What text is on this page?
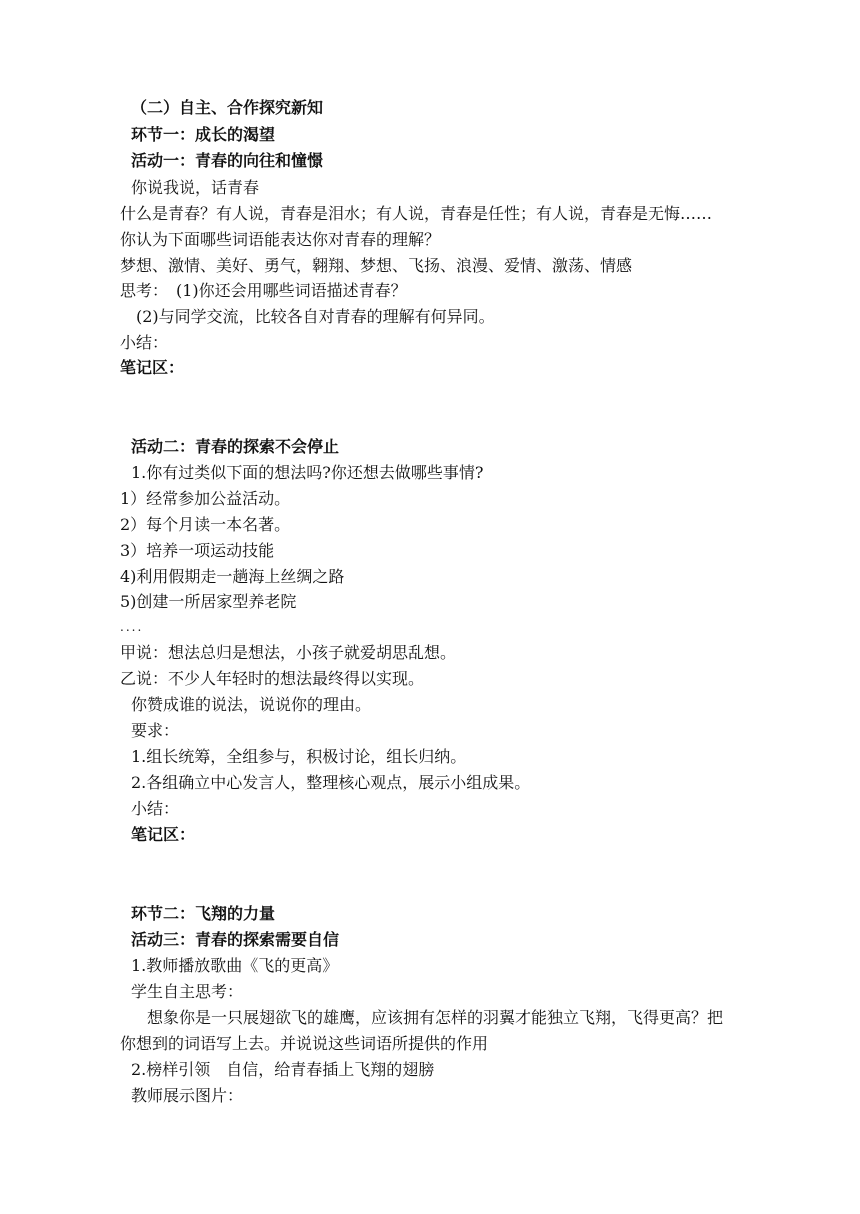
（二）自主、合作探究新知
环节一：成长的渴望
活动一：青春的向往和憧憬
你说我说，话青春
什么是青春？有人说，青春是泪水；有人说，青春是任性；有人说，青春是无悔……
你认为下面哪些词语能表达你对青春的理解？
梦想、激情、美好、勇气，翱翔、梦想、飞扬、浪漫、爱情、激荡、情感
思考：　(1)你还会用哪些词语描述青春？
(2)与同学交流，比较各自对青春的理解有何异同。
小结：
笔记区：
活动二：青春的探索不会停止
1.你有过类似下面的想法吗?你还想去做哪些事情?
1）经常参加公益活动。
2）每个月读一本名著。
3）培养一项运动技能
4)利用假期走一趟海上丝绸之路
5)创建一所居家型养老院
....
甲说：想法总归是想法，小孩子就爱胡思乱想。
乙说：不少人年轻时的想法最终得以实现。
你赞成谁的说法，说说你的理由。
要求：
1.组长统筹，全组参与，积极讨论，组长归纳。
2.各组确立中心发言人，整理核心观点，展示小组成果。
小结：
笔记区：
环节二：飞翔的力量
活动三：青春的探索需要自信
1.教师播放歌曲《飞的更高》
学生自主思考：
想象你是一只展翅欲飞的雄鹰，应该拥有怎样的羽翼才能独立飞翔，飞得更高？把
你想到的词语写上去。并说说这些词语所提供的作用
2.榜样引领　自信，给青春插上飞翔的翅膀
教师展示图片：
